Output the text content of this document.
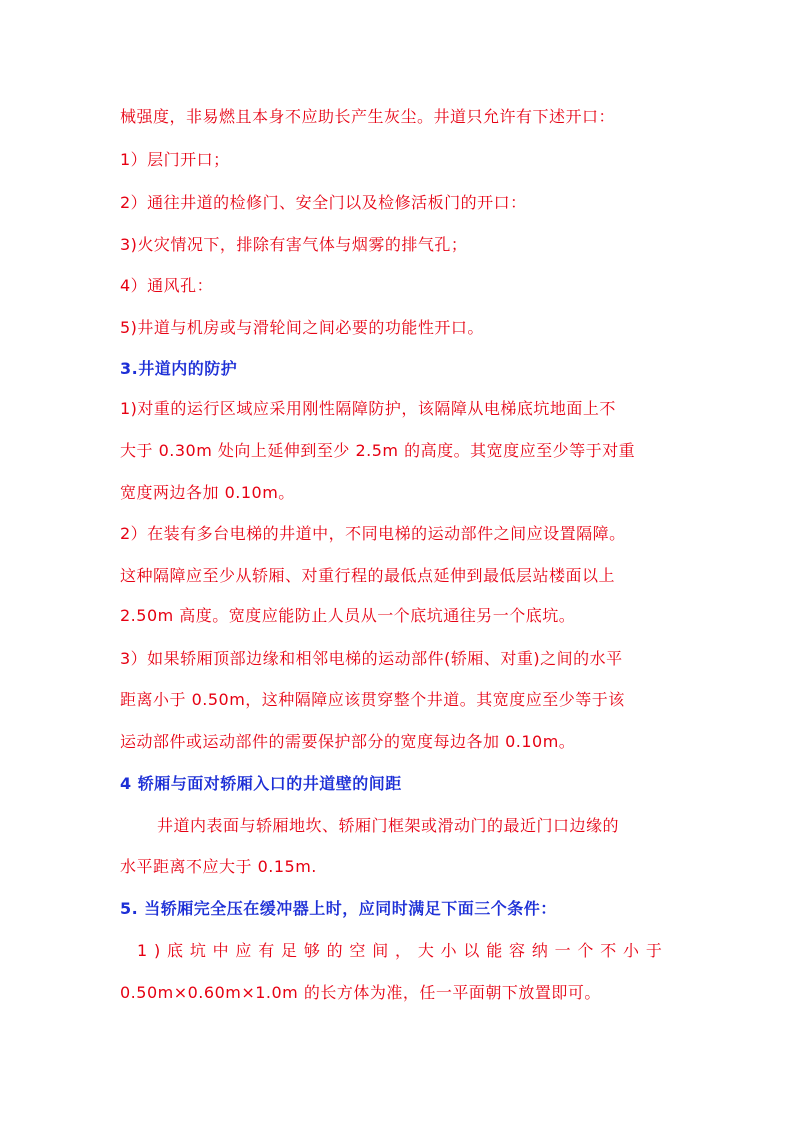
械强度，非易燃且本身不应助长产生灰尘。井道只允许有下述开口：
1）层门开口；
2）通往井道的检修门、安全门以及检修活板门的开口：
3)火灾情况下，排除有害气体与烟雾的排气孔；
4）通风孔：
5)井道与机房或与滑轮间之间必要的功能性开口。
3.井道内的防护
1)对重的运行区域应采用刚性隔障防护，该隔障从电梯底坑地面上不
大于 0.30m 处向上延伸到至少 2.5m 的高度。其宽度应至少等于对重
宽度两边各加 0.10m。
2）在装有多台电梯的井道中，不同电梯的运动部件之间应设置隔障。
这种隔障应至少从轿厢、对重行程的最低点延伸到最低层站楼面以上
2.50m 高度。宽度应能防止人员从一个底坑通往另一个底坑。
3）如果轿厢顶部边缘和相邻电梯的运动部件(轿厢、对重)之间的水平
距离小于 0.50m，这种隔障应该贯穿整个井道。其宽度应至少等于该
运动部件或运动部件的需要保护部分的宽度每边各加 0.10m。
4 轿厢与面对轿厢入口的井道壁的间距
井道内表面与轿厢地坎、轿厢门框架或滑动门的最近门口边缘的
水平距离不应大于 0.15m.
5. 当轿厢完全压在缓冲器上时，应同时满足下面三个条件：
1)底坑中应有足够的空间，大小以能容纳一个不小于
0.50m×0.60m×1.0m 的长方体为准，任一平面朝下放置即可。
